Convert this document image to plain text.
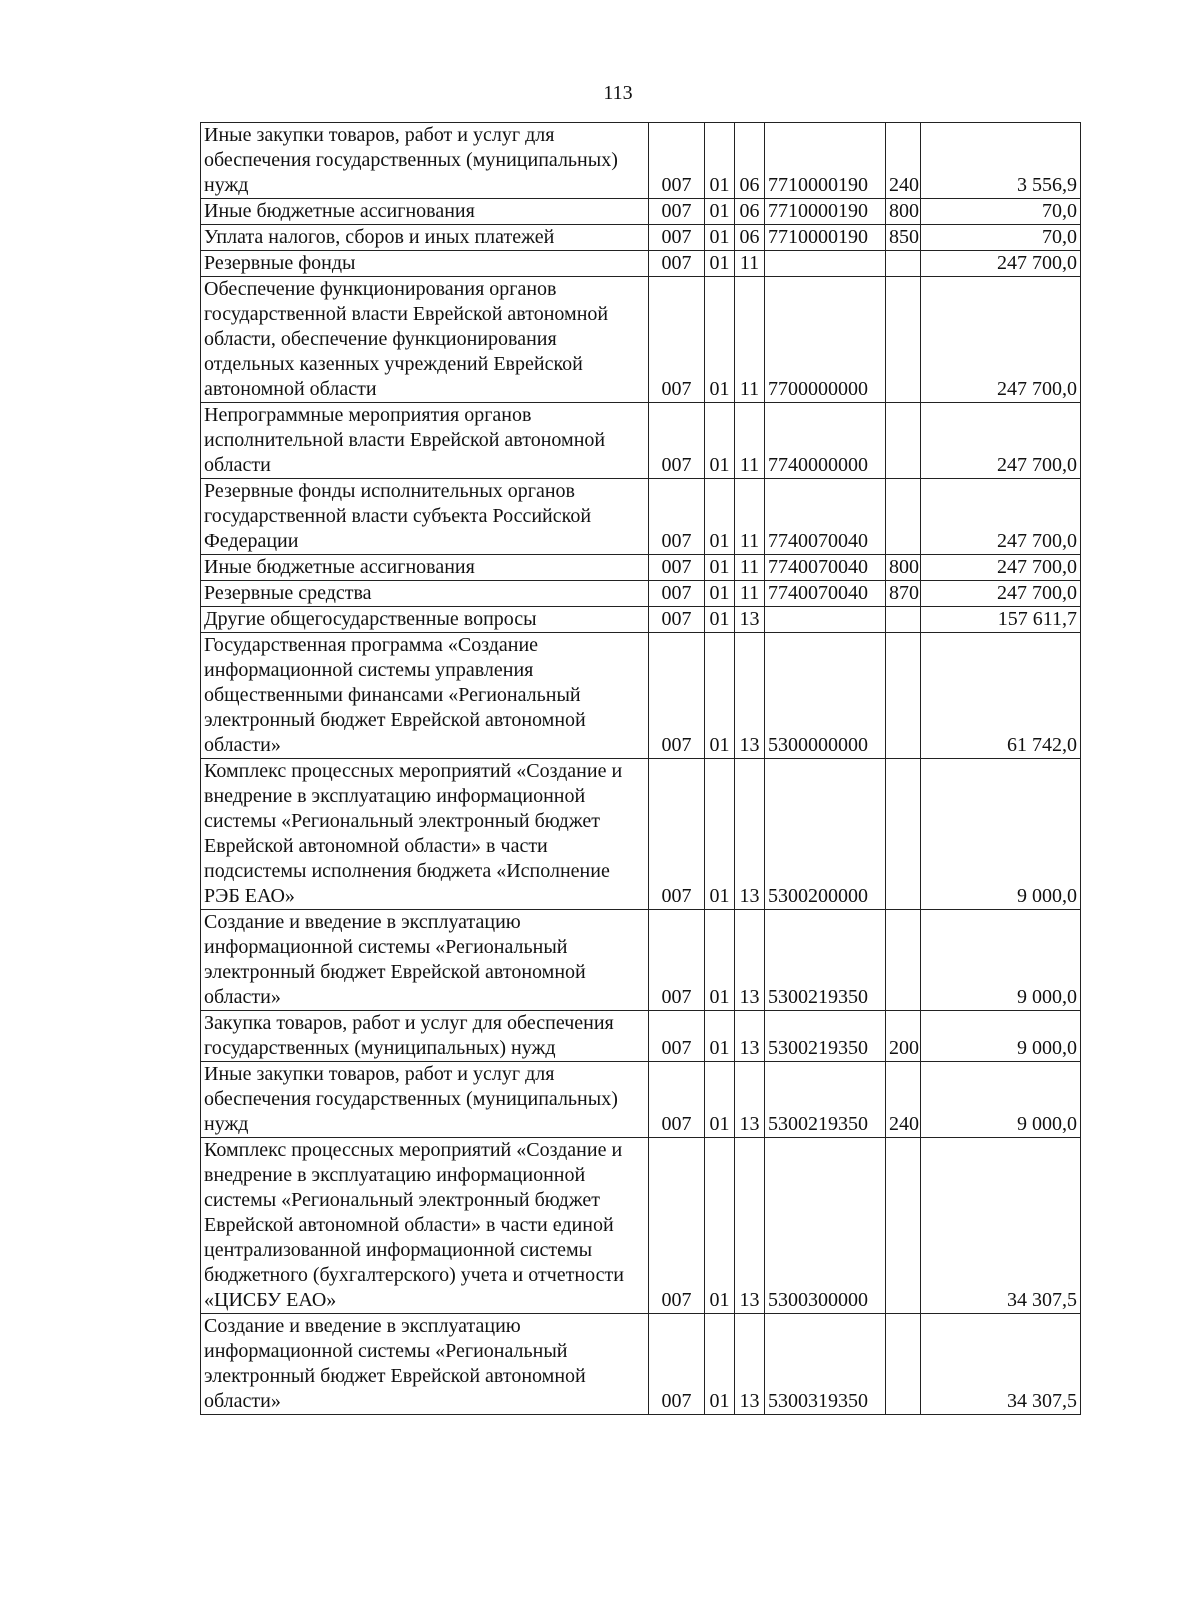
113
Иные закупки товаров, работ и услуг для обеспечения государственных (муниципальных) нужд	007	01	06	7710000190	240	3 556,9
Иные бюджетные ассигнования	007	01	06	7710000190	800	70,0
Уплата налогов, сборов и иных платежей	007	01	06	7710000190	850	70,0
Резервные фонды	007	01	11			247 700,0
Обеспечение функционирования органов государственной власти Еврейской автономной области, обеспечение функционирования отдельных казенных учреждений Еврейской автономной области	007	01	11	7700000000		247 700,0
Непрограммные мероприятия органов исполнительной власти Еврейской автономной области	007	01	11	7740000000		247 700,0
Резервные фонды исполнительных органов государственной власти субъекта Российской Федерации	007	01	11	7740070040		247 700,0
Иные бюджетные ассигнования	007	01	11	7740070040	800	247 700,0
Резервные средства	007	01	11	7740070040	870	247 700,0
Другие общегосударственные вопросы	007	01	13			157 611,7
Государственная программа «Создание информационной системы управления общественными финансами «Региональный электронный бюджет Еврейской автономной области»	007	01	13	5300000000		61 742,0
Комплекс процессных мероприятий «Создание и внедрение в эксплуатацию информационной системы «Региональный электронный бюджет Еврейской автономной области» в части подсистемы исполнения бюджета «Исполнение РЭБ ЕАО»	007	01	13	5300200000		9 000,0
Создание и введение в эксплуатацию информационной системы «Региональный электронный бюджет Еврейской автономной области»	007	01	13	5300219350		9 000,0
Закупка товаров, работ и услуг для обеспечения государственных (муниципальных) нужд	007	01	13	5300219350	200	9 000,0
Иные закупки товаров, работ и услуг для обеспечения государственных (муниципальных) нужд	007	01	13	5300219350	240	9 000,0
Комплекс процессных мероприятий «Создание и внедрение в эксплуатацию информационной системы «Региональный электронный бюджет Еврейской автономной области» в части единой централизованной информационной системы бюджетного (бухгалтерского) учета и отчетности «ЦИСБУ ЕАО»	007	01	13	5300300000		34 307,5
Создание и введение в эксплуатацию информационной системы «Региональный электронный бюджет Еврейской автономной области»	007	01	13	5300319350		34 307,5
